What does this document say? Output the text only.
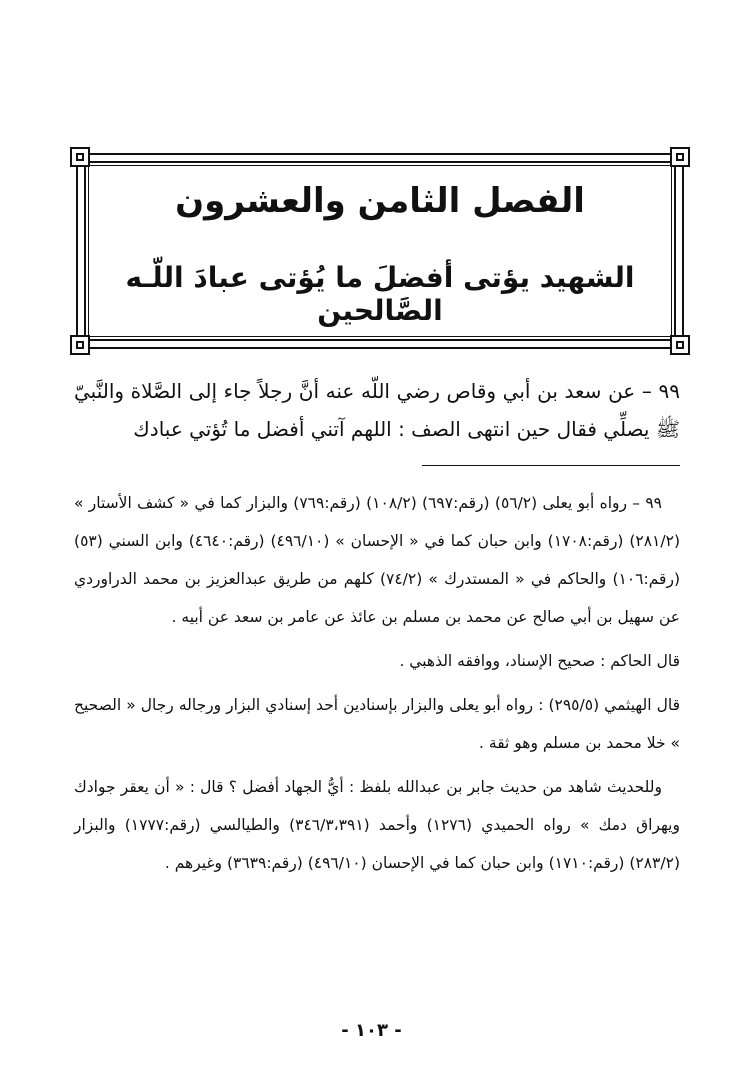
الفصل الثامن والعشرون
الشهيد يؤتى أفضلَ ما يُؤتى عبادَ اللّـه الصَّالحين
٩٩ – عن سعد بن أبي وقاص رضي اللّه عنه أنَّ رجلاً جاء إلى الصَّلاة والنَّبيّ ﷺ يصلِّي فقال حين انتهى الصف : اللهم آتني أفضل ما تُؤتي عبادك

٩٩ – رواه أبو يعلى (٥٦/٢) (رقم:٦٩٧) (١٠٨/٢) (رقم:٧٦٩) والبزار كما في « كشف الأستار » (٢٨١/٢) (رقم:١٧٠٨) وابن حبان كما في « الإحسان » (٤٩٦/١٠) (رقم:٤٦٤٠) وابن السني (٥٣) (رقم:١٠٦) والحاكم في « المستدرك » (٧٤/٢) كلهم من طريق عبدالعزيز بن محمد الدراوردي عن سهيل بن أبي صالح عن محمد بن مسلم بن عائذ عن عامر بن سعد عن أبيه .

قال الحاكم : صحيح الإسناد، ووافقه الذهبي .

قال الهيثمي (٢٩٥/٥) : رواه أبو يعلى والبزار بإسنادين أحد إسنادي البزار ورجاله رجال « الصحيح » خلا محمد بن مسلم وهو ثقة .

وللحديث شاهد من حديث جابر بن عبدالله بلفظ : أيُّ الجهاد أفضل ؟ قال : « أن يعقر جوادك ويهراق دمك » رواه الحميدي (١٢٧٦) وأحمد (٣٤٦/٣،٣٩١) والطيالسي (رقم:١٧٧٧) والبزار (٢٨٣/٢) (رقم:١٧١٠) وابن حبان كما في الإحسان (٤٩٦/١٠) (رقم:٣٦٣٩) وغيرهم .

- ١٠٣ -
